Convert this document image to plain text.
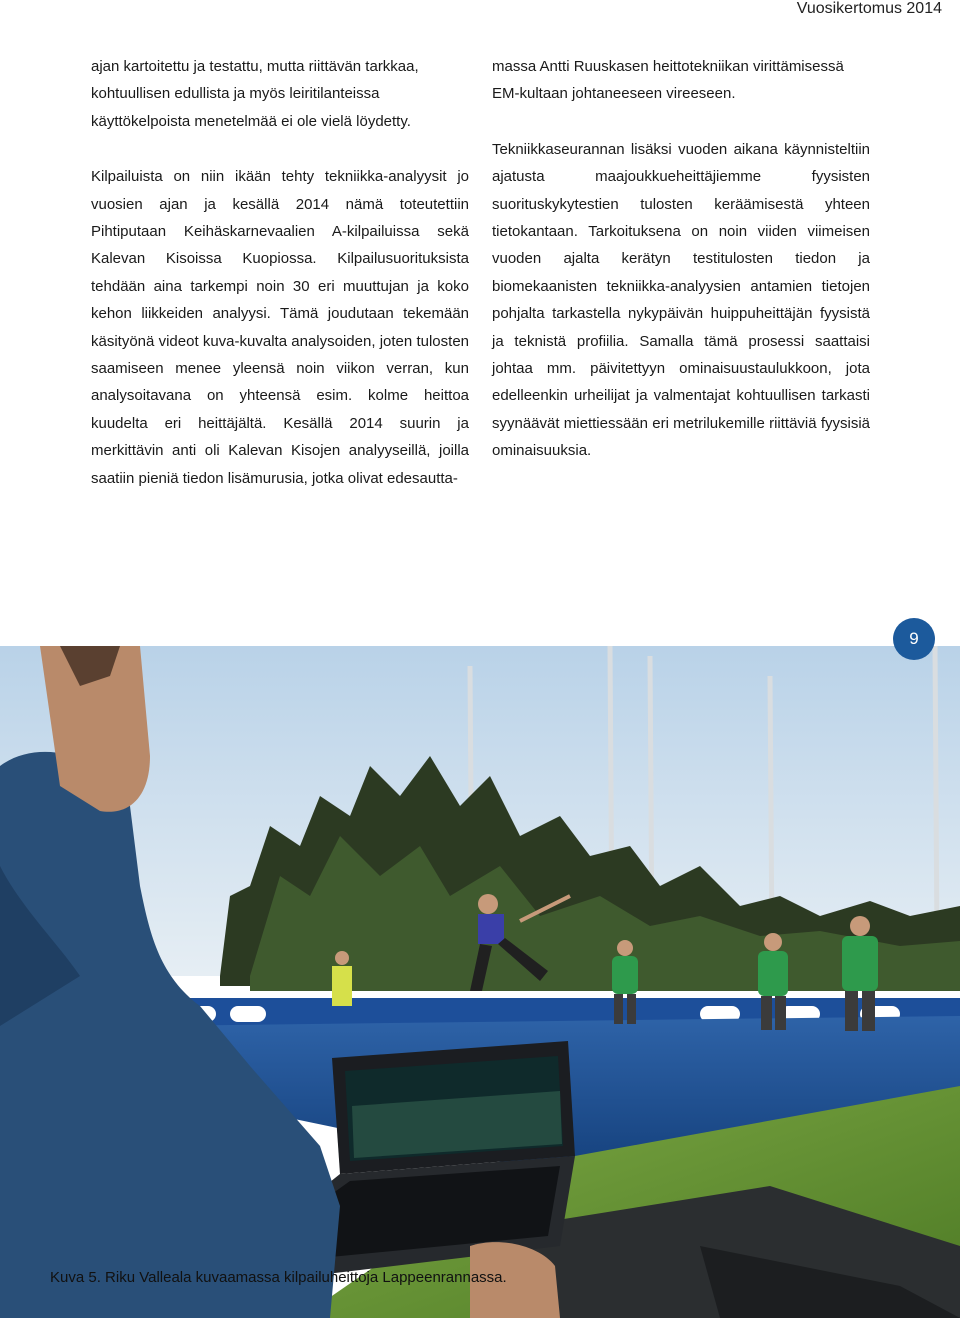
Vuosikertomus 2014

ajan kartoitettu ja testattu, mutta riittävän tarkkaa, kohtuullisen edullista ja myös leiritilanteissa käyttökelpoista menetelmää ei ole vielä löydetty.

Kilpailuista on niin ikään tehty tekniikka-analyysit jo vuosien ajan ja kesällä 2014 nämä toteutettiin Pihtiputaan Keihäskarnevaalien A-kilpailuissa sekä Kalevan Kisoissa Kuopiossa. Kilpailusuorituksista tehdään aina tarkempi noin 30 eri muuttujan ja koko kehon liikkeiden analyysi. Tämä joudutaan tekemään käsityönä videot kuva-kuvalta analysoiden, joten tulosten saamiseen menee yleensä noin viikon verran, kun analysoitavana on yhteensä esim. kolme heittoa kuudelta eri heittäjältä. Kesällä 2014 suurin ja merkittävin anti oli Kalevan Kisojen analyyseillä, joilla saatiin pieniä tiedon lisämurusia, jotka olivat edesautta-

massa Antti Ruuskasen heittotekniikan virittämisessä EM-kultaan johtaneeseen vireeseen.

Tekniikkaseurannan lisäksi vuoden aikana käynnisteltiin ajatusta maajoukkueheittäjiemme fyysisten suorituskykytestien tulosten keräämisestä yhteen tietokantaan. Tarkoituksena on noin viiden viimeisen vuoden ajalta kerätyn testitulosten tiedon ja biomekaanisten tekniikka-analyysien antamien tietojen pohjalta tarkastella nykypäivän huippuheittäjän fyysistä ja teknistä profiilia. Samalla tämä prosessi saattaisi johtaa mm. päivitettyyn ominaisuustaulukkoon, jota edelleenkin urheilijat ja valmentajat kohtuullisen tarkasti syynäävät miettiessään eri metrilukemille riittäviä fyysisiä ominaisuuksia.

9
Kuva 5. Riku Valleala kuvaamassa kilpailuheittoja Lappeenrannassa.
